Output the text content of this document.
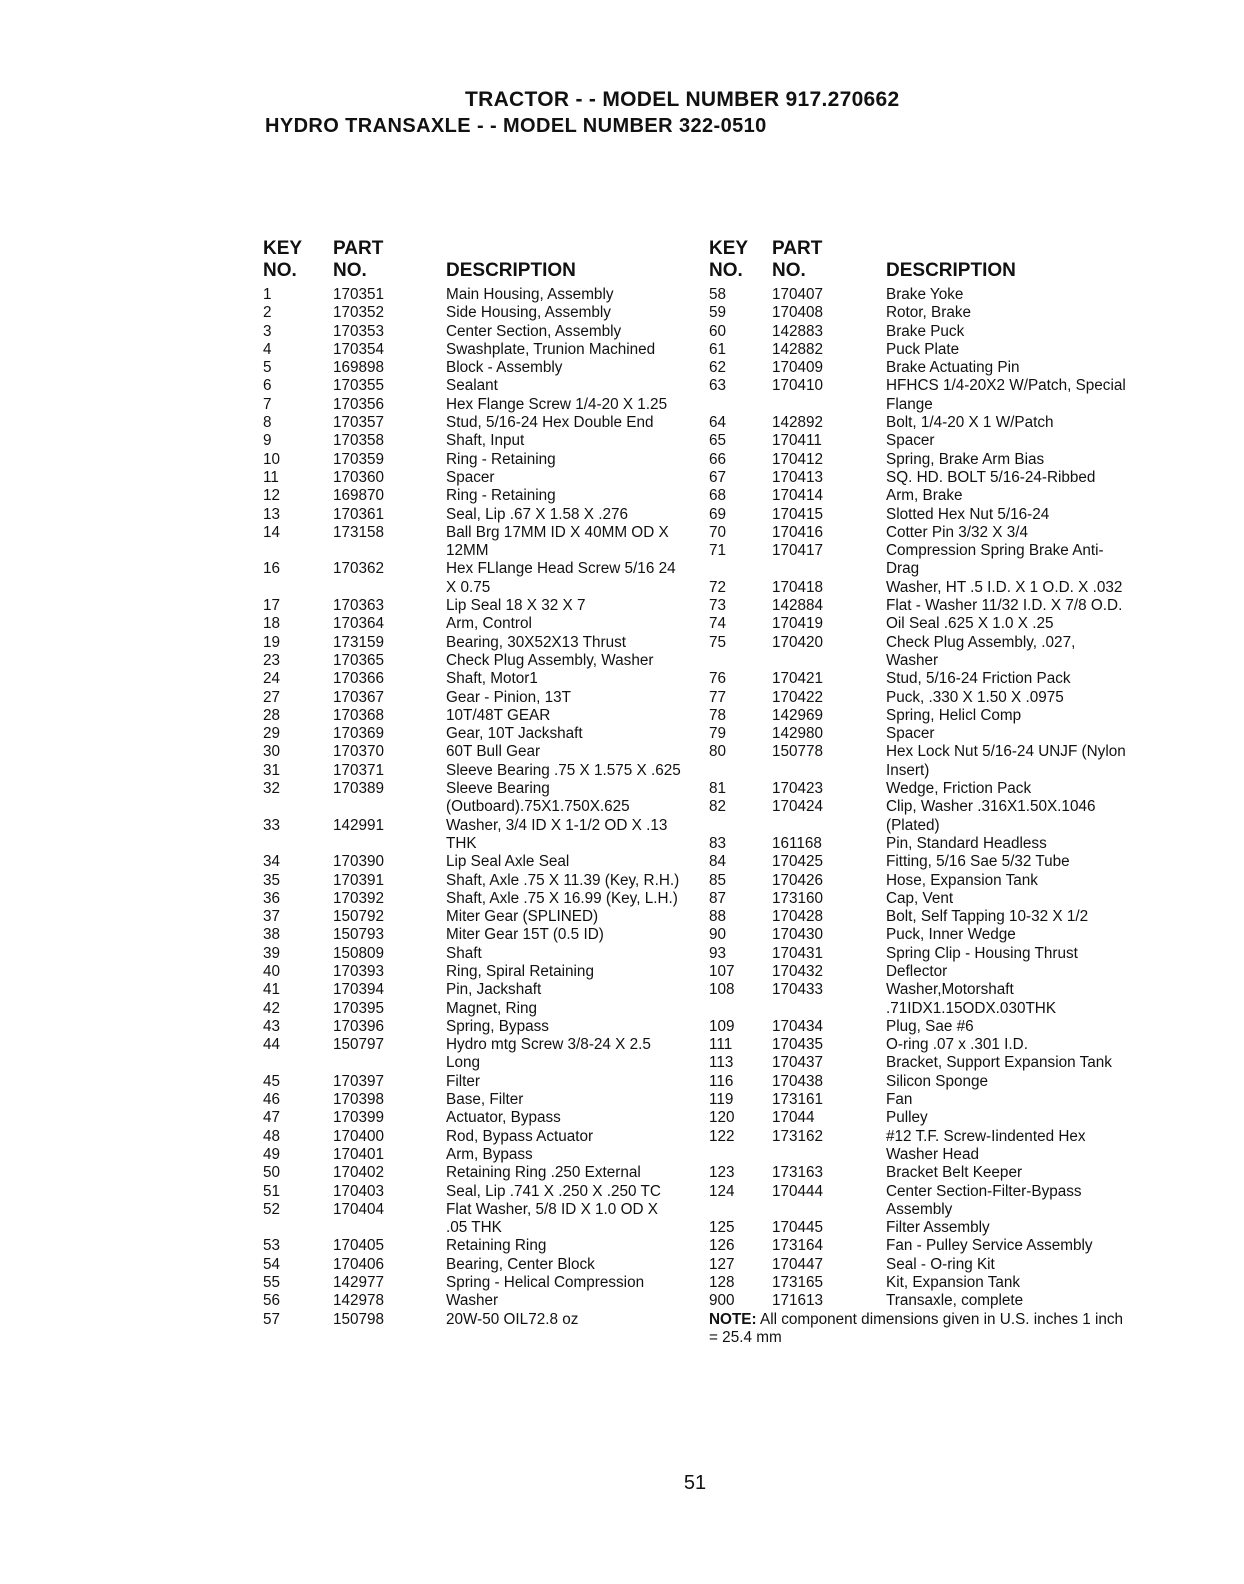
TRACTOR - - MODEL NUMBER 917.270662
HYDRO TRANSAXLE - - MODEL NUMBER 322-0510
KEY
NO.
PART
NO.	DESCRIPTION
1	170351	Main Housing, Assembly
2	170352	Side Housing, Assembly
3	170353	Center Section, Assembly
4	170354	Swashplate, Trunion Machined
5	169898	Block - Assembly
6	170355	Sealant
7	170356	Hex Flange Screw 1/4-20 X 1.25
8	170357	Stud, 5/16-24 Hex Double End
9	170358	Shaft, Input
10	170359	Ring - Retaining
11	170360	Spacer
12	169870	Ring - Retaining
13	170361	Seal, Lip .67 X 1.58 X .276
14	173158	Ball Brg 17MM ID X 40MM OD X 12MM
16	170362	Hex FLlange Head Screw 5/16 24 X 0.75
17	170363	Lip Seal 18 X 32 X 7
18	170364	Arm, Control
19	173159	Bearing, 30X52X13 Thrust
23	170365	Check Plug Assembly, Washer
24	170366	Shaft, Motor1
27	170367	Gear - Pinion, 13T
28	170368	10T/48T GEAR
29	170369	Gear, 10T Jackshaft
30	170370	60T Bull Gear
31	170371	Sleeve Bearing .75 X 1.575 X .625
32	170389	Sleeve Bearing (Outboard).75X1.750X.625
33	142991	Washer, 3/4 ID X 1-1/2 OD X .13 THK
34	170390	Lip Seal Axle Seal
35	170391	Shaft, Axle .75 X 11.39 (Key, R.H.)
36	170392	Shaft, Axle .75 X 16.99 (Key, L.H.)
37	150792	Miter Gear (SPLINED)
38	150793	Miter Gear 15T (0.5 ID)
39	150809	Shaft
40	170393	Ring, Spiral Retaining
41	170394	Pin, Jackshaft
42	170395	Magnet, Ring
43	170396	Spring, Bypass
44	150797	Hydro mtg Screw 3/8-24 X 2.5 Long
45	170397	Filter
46	170398	Base, Filter
47	170399	Actuator, Bypass
48	170400	Rod, Bypass Actuator
49	170401	Arm, Bypass
50	170402	Retaining Ring .250 External
51	170403	Seal, Lip .741 X .250 X .250 TC
52	170404	Flat Washer, 5/8 ID X 1.0 OD X .05 THK
53	170405	Retaining Ring
54	170406	Bearing, Center Block
55	142977	Spring - Helical Compression
56	142978	Washer
57	150798	20W-50 OIL72.8 oz
KEY
NO.
PART
NO.	DESCRIPTION
58	170407	Brake Yoke
59	170408	Rotor, Brake
60	142883	Brake Puck
61	142882	Puck Plate
62	170409	Brake Actuating Pin
63	170410	HFHCS 1/4-20X2 W/Patch, Special Flange
64	142892	Bolt, 1/4-20 X 1 W/Patch
65	170411	Spacer
66	170412	Spring, Brake Arm Bias
67	170413	SQ. HD. BOLT 5/16-24-Ribbed
68	170414	Arm, Brake
69	170415	Slotted Hex Nut 5/16-24
70	170416	Cotter Pin 3/32 X 3/4
71	170417	Compression Spring Brake Anti-Drag
72	170418	Washer, HT .5 I.D. X 1 O.D. X .032
73	142884	Flat - Washer 11/32 I.D. X 7/8 O.D.
74	170419	Oil Seal .625 X 1.0 X .25
75	170420	Check Plug Assembly, .027, Washer
76	170421	Stud, 5/16-24 Friction Pack
77	170422	Puck, .330 X 1.50 X .0975
78	142969	Spring, Helicl Comp
79	142980	Spacer
80	150778	Hex Lock Nut 5/16-24 UNJF (Nylon Insert)
81	170423	Wedge, Friction Pack
82	170424	Clip, Washer .316X1.50X.1046 (Plated)
83	161168	Pin, Standard Headless
84	170425	Fitting, 5/16 Sae 5/32 Tube
85	170426	Hose, Expansion Tank
87	173160	Cap, Vent
88	170428	Bolt, Self Tapping 10-32 X 1/2
90	170430	Puck, Inner Wedge
93	170431	Spring Clip - Housing Thrust
107	170432	Deflector
108	170433	Washer,Motorshaft .71IDX1.15ODX.030THK
109	170434	Plug, Sae #6
111	170435	O-ring .07 x .301 I.D.
113	170437	Bracket, Support Expansion Tank
116	170438	Silicon Sponge
119	173161	Fan
120	17044	Pulley
122	173162	#12 T.F. Screw-Iindented Hex Washer Head
123	173163	Bracket Belt Keeper
124	170444	Center Section-Filter-Bypass Assembly
125	170445	Filter Assembly
126	173164	Fan - Pulley Service Assembly
127	170447	Seal - O-ring Kit
128	173165	Kit, Expansion Tank
900	171613	Transaxle, complete
NOTE: All component dimensions given in U.S. inches 1 inch = 25.4 mm
51
